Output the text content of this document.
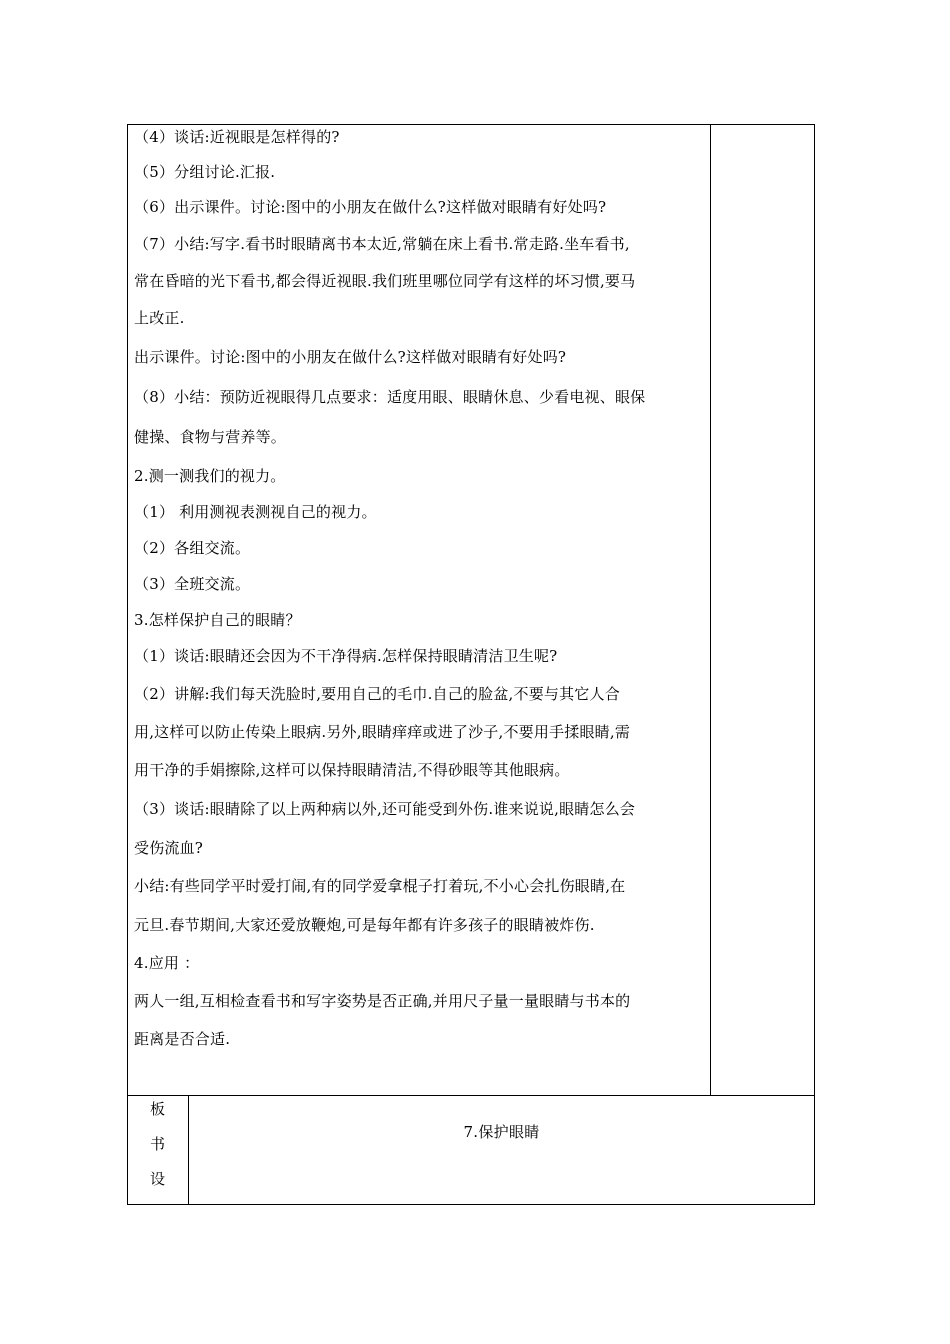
（4）谈话:近视眼是怎样得的?
（5）分组讨论.汇报.
（6）出示课件。讨论:图中的小朋友在做什么?这样做对眼睛有好处吗?
（7）小结:写字.看书时眼睛离书本太近,常躺在床上看书.常走路.坐车看书,
常在昏暗的光下看书,都会得近视眼.我们班里哪位同学有这样的坏习惯,要马
上改正.
出示课件。讨论:图中的小朋友在做什么?这样做对眼睛有好处吗?
（8）小结：预防近视眼得几点要求：适度用眼、眼睛休息、少看电视、眼保
健操、食物与营养等。
2.测一测我们的视力。
（1） 利用测视表测视自己的视力。
（2）各组交流。
（3）全班交流。
3.怎样保护自己的眼睛？
（1）谈话:眼睛还会因为不干净得病.怎样保持眼睛清洁卫生呢?
（2）讲解:我们每天洗脸时,要用自己的毛巾.自己的脸盆,不要与其它人合
用,这样可以防止传染上眼病.另外,眼睛痒痒或进了沙子,不要用手揉眼睛,需
用干净的手娟擦除,这样可以保持眼睛清洁,不得砂眼等其他眼病。
（3）谈话:眼睛除了以上两种病以外,还可能受到外伤.谁来说说,眼睛怎么会
受伤流血?
小结:有些同学平时爱打闹,有的同学爱拿棍子打着玩,不小心会扎伤眼睛,在
元旦.春节期间,大家还爱放鞭炮,可是每年都有许多孩子的眼睛被炸伤.
4.应用 ：
两人一组,互相检查看书和写字姿势是否正确,并用尺子量一量眼睛与书本的
距离是否合适.
板
书
设
7.保护眼睛
